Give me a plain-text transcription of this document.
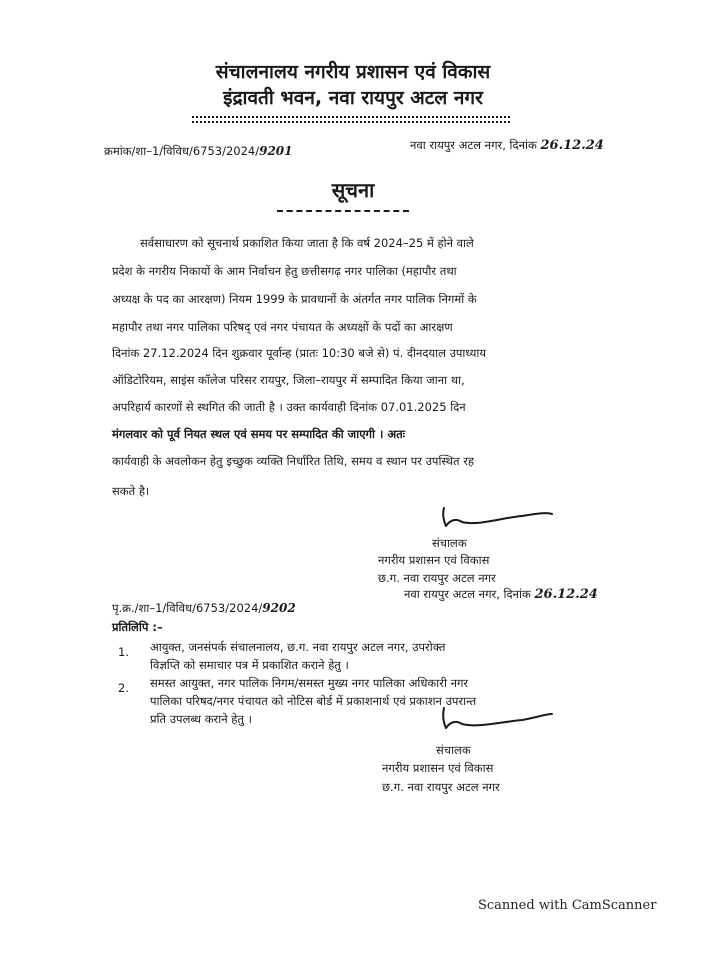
संचालनालय नगरीय प्रशासन एवं विकास
इंद्रावती भवन, नवा रायपुर अटल नगर
क्रमांक/शा–1/विविध/6753/2024/9201	नवा रायपुर अटल नगर, दिनांक 26.12.24
सूचना
सर्वसाधारण को सूचनार्थ प्रकाशित किया जाता है कि वर्ष 2024–25 में होने वाले
प्रदेश के नगरीय निकायों के आम निर्वाचन हेतु छत्तीसगढ़ नगर पालिका (महापौर तथा
अध्यक्ष के पद का आरक्षण) नियम 1999 के प्रावधानों के अंतर्गत नगर पालिक निगमों के
महापौर तथा नगर पालिका परिषद् एवं नगर पंचायत के अध्यक्षों के पदों का आरक्षण
दिनांक 27.12.2024 दिन शुक्रवार पूर्वान्ह (प्रातः 10:30 बजे से) पं. दीनदयाल उपाध्याय
ऑडिटोरियम, साइंस कॉलेज परिसर रायपुर, जिला–रायपुर में सम्पादित किया जाना था,
अपरिहार्य कारणों से स्थगित की जाती है । उक्त कार्यवाही दिनांक 07.01.2025 दिन
मंगलवार को पूर्व नियत स्थल एवं समय पर सम्पादित की जाएगी । अतः
कार्यवाही के अवलोकन हेतु इच्छुक व्यक्ति निर्धारित तिथि, समय व स्थान पर उपस्थित रह
सकते है।
संचालक
नगरीय प्रशासन एवं विकास
छ.ग. नवा रायपुर अटल नगर
नवा रायपुर अटल नगर, दिनांक 26.12.24
पृ.क्र./शा–1/विविध/6753/2024/9202
प्रतिलिपि :–
1. आयुक्त, जनसंपर्क संचालनालय, छ.ग. नवा रायपुर अटल नगर, उपरोक्त
विज्ञप्ति को समाचार पत्र में प्रकाशित कराने हेतु ।
2. समस्त आयुक्त, नगर पालिक निगम/समस्त मुख्य नगर पालिका अधिकारी नगर
पालिका परिषद/नगर पंचायत को नोटिस बोर्ड में प्रकाशनार्थ एवं प्रकाशन उपरान्त
प्रति उपलब्ध कराने हेतु ।
संचालक
नगरीय प्रशासन एवं विकास
छ.ग. नवा रायपुर अटल नगर
Scanned with CamScanner
